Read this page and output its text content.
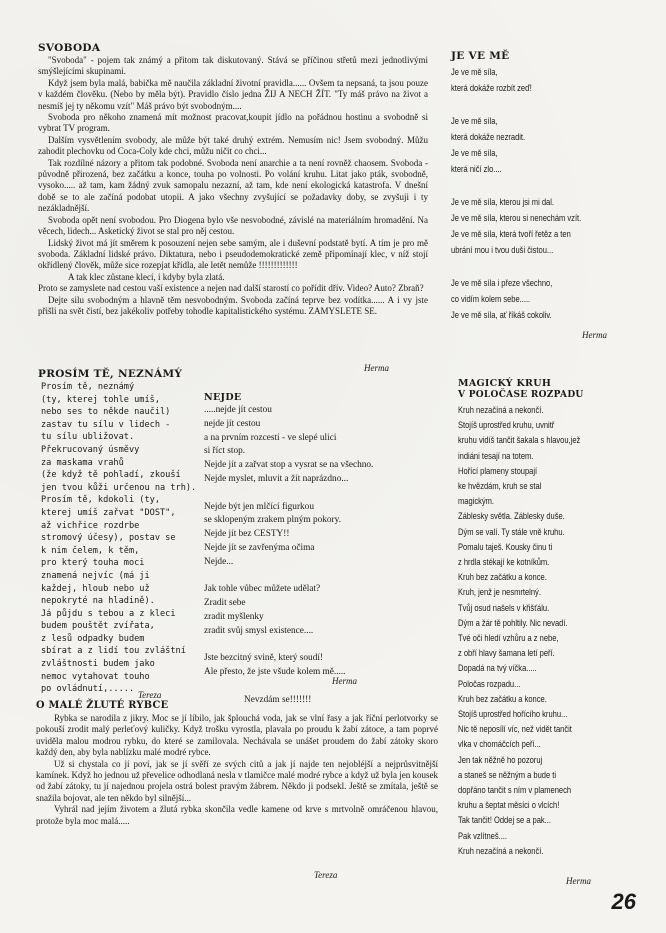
SVOBODA

"Svoboda" - pojem tak známý a přitom tak diskutovaný. Stává se příčinou střetů mezi jednotlivými smýšlejícími skupinami.

Když jsem byla malá, babička mě naučila základní životní pravidla...... Ovšem ta nepsaná, ta jsou pouze v každém člověku. (Nebo by měla být). Pravidlo číslo jedna ŽIJ A NECH ŽÍT. "Ty máš právo na život a nesmíš jej ty někomu vzít" Máš právo být svobodným....

Svoboda pro někoho znamená mít možnost pracovat,koupit jídlo na pořádnou hostinu a svobodně si vybrat TV program.

Dalším vysvětlením svobody, ale může být také druhý extrém. Nemusím nic! Jsem svobodný. Můžu zahodit plechovku od Coca-Coly kde chci, můžu ničit co chci...

Tak rozdílné názory a přitom tak podobné. Svoboda není anarchie a ta není rovněž chaosem. Svoboda - původně přirozená, bez začátku a konce, touha po volnosti. Po volání kruhu. Litat jako pták, svobodně, vysoko..... až tam, kam žádný zvuk samopalu nezazní, až tam, kde není ekologická katastrofa. V dnešní době se to ale začíná podobat utopii. A jako všechny zvyšující se požadavky doby, se zvyšuji i ty nezákladnější.

Svoboda opět není svobodou. Pro Diogena bylo vše nesvobodné, závislé na materiálním hromadění. Na věcech, lidech... Asketický život se stal pro něj cestou.

Lidský život má jít směrem k posouzení nejen sebe samým, ale i duševní podstatě bytí. A tím je pro mě svoboda. Základní lidské právo. Diktatura, nebo i pseudodemokratické země připomínají klec, v níž stojí okřídlený člověk, může sice rozepjat křídla, ale letět nemůže !!!!!!!!!!!!!

A tak klec zůstane klecí, i kdyby byla zlatá.

Proto se zamyslete nad cestou vaší existence a nejen nad další starostí co pořídit dřív. Video? Auto? Zbraň?

Dejte silu svobodným a hlavně těm nesvobodným. Svoboda začíná teprve bez vodítka...... A i vy jste přišli na svět čistí, bez jakékoliv potřeby tohodle kapitalistického systému. ZAMYSLETE SE.

Herma
JE VE MĚ
Je ve mě síla,
která dokáže rozbít zeď!

Je ve mě síla,
která dokáže nezradit.
Je ve mě síla,
která ničí zlo....

Je ve mě síla, kterou jsi mi dal.
Je ve mě síla, kterou si nenechám vzít.
Je ve mě síla, která tvoří řetěz a ten
ubrání mou i tvou duši čistou...

Je ve mě síla i přeze všechno,
co vidím kolem sebe.....
Je ve mě síla, ať říkáš cokoliv.
Herma
PROSÍM TĚ, NEZNÁMÝ
Prosím tě, neznámý
(ty, kterej tohle umíš,
nebo ses to někde naučil)
zastav tu sílu v lidech -
tu sílu ubližovat.
Překrucovaný úsměvy
za maskama vrahů
(že když tě pohladí, zkouší
jen tvou kůži určenou na trh).
Prosím tě, kdokoli (ty,
kterej umíš zařvat "DOST",
až vichřice rozdrbe
stromový účesy), postav se
k nim čelem, k těm,
pro který touha moci
znamená nejvíc (má ji
každej, hloub nebo už
nepokryté na hladině).
Já půjdu s tebou a z kleci
budem pouštět zvířata,
z lesů odpadky budem
sbírat a z lidí tou zvláštní
zvláštnosti budem jako
nemoc vytahovat touho
po ovládnutí,.....
Tereza
NEJDE
.....nejde jít cestou
nejde jít cestou
a na prvním rozcestí - ve slepé ulici
si říct stop.
Nejde jít a zařvat stop a vysrat se na všechno.
Nejde myslet, mluvit a žít naprázdno...

Nejde být jen mlčící figurkou
se sklopeným zrakem plným pokory.
Nejde jít bez CESTY!!
Nejde jít se zavřenýma očima
Nejde...

Jak tohle vůbec můžete udělat?
Zradit sebe
zradit myšlenky
zradit svůj smysl existence....

Jste bezcitný svině, který soudí!
Ale přesto, že jste všude kolem mě.....

Nevzdám se!!!!!!!
Herma
MAGICKÝ KRUH
V POLOČASE ROZPADU
Kruh nezačíná a nekončí.
Stojíš uprostřed kruhu, uvnitř
kruhu vidíš tančit šakala s hlavou,jež
indiáni tesají na totem.
Hořící plameny stoupají
ke hvězdám, kruh se stal
magickým.
Záblesky světla. Záblesky duše.
Dým se valí. Ty stále vně kruhu.
Pomalu taješ. Kousky činu ti
z hrdla stékají ke kotníkům.
Kruh bez začátku a konce.
Kruh, jenž je nesmrtelný.
Tvůj osud našels v křišťálu.
Dým a žár tě pohltily. Nic nevadí.
Tvé oči hledí vzhůru a z nebe,
z obří hlavy šamana letí peří.
Dopadá na tvý víčka.....
Poločas rozpadu...
Kruh bez začátku a konce.
Stojíš uprostřed hořícího kruhu...
Nic tě neposílí víc, než vidět tančit
vlka v chomáčcích peří...
Jen tak něžně ho pozoruj
a staneš se něžným a bude ti
dopřáno tančit s ním v plamenech
kruhu a šeptat měsíci o vlcích!
Tak tančit! Oddej se a pak...
Pak vzlítneš....
Kruh nezačíná a nekončí.
Herma
O MALÉ ŽLUTÉ RYBCE

Rybka se narodila z jikry. Moc se jí líbilo, jak šplouchá voda, jak se vlní řasy a jak říční perlotvorky se pokouší zrodit malý perleťový kuličky. Když trošku vyrostla, plavala po proudu k žabí zátoce, a tam poprvé uviděla malou modrou rybku, do které se zamilovala. Nechávala se unášet proudem do žabí zátoky skoro každý den, aby byla nablízku malé modré rybce.

Už si chystala co jí poví, jak se jí svěří ze svých citů a jak jí najde ten nejobléjší a nejprůsvitnější kamínek. Když ho jednou už převelice odhodlaná nesla v tlamičce malé modré rybce a když už byla jen kousek od žabí zátoky, tu jí najednou projela ostrá bolest pravým žábrem. Někdo ji podsekl. Ještě se zmítala, ještě se snažila bojovat, ale ten někdo byl silnější...

Vyhrál nad jejím životem a žlutá rybka skončila vedle kamene od krve s mrtvolně omráčenou hlavou, protože byla moc malá.....

Tereza
26
